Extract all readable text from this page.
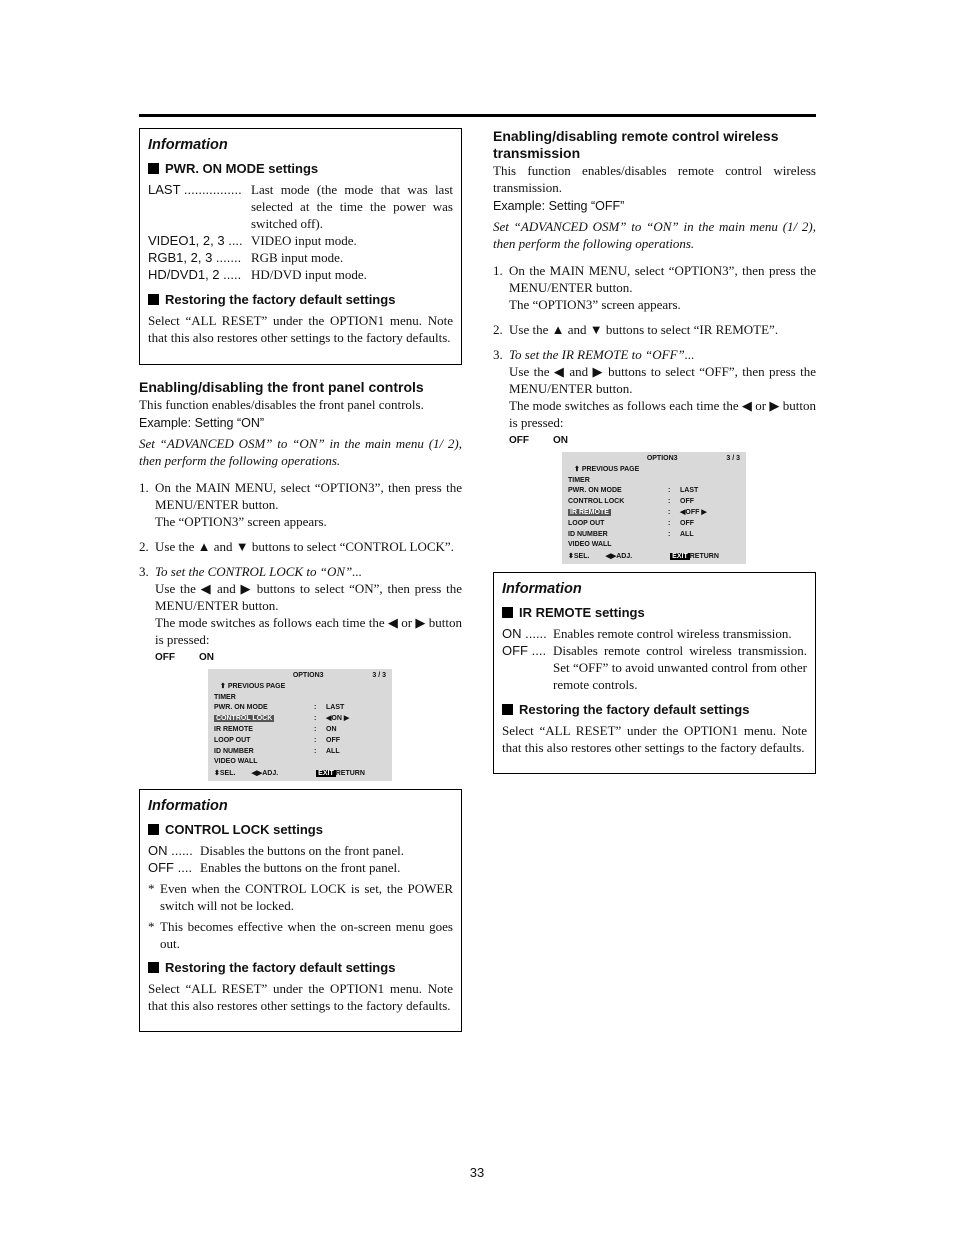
Information
PWR. ON MODE settings
LAST ................ Last mode (the mode that was last selected at the time the power was switched off).
VIDEO1, 2, 3 .... VIDEO input mode.
RGB1, 2, 3 ....... RGB input mode.
HD/DVD1, 2 ..... HD/DVD input mode.
Restoring the factory default settings

Select “ALL RESET” under the OPTION1 menu. Note that this also restores other settings to the factory defaults.

Enabling/disabling the front panel controls

This function enables/disables the front panel controls.

Example: Setting “ON”

Set “ADVANCED OSM” to “ON” in the main menu (1/ 2), then perform the following operations.

1. On the MAIN MENU, select “OPTION3”, then press the MENU/ENTER button.
The “OPTION3” screen appears.
2. Use the ▲ and ▼ buttons to select “CONTROL LOCK”.
3. To set the CONTROL LOCK to “ON”...
Use the ◀ and ▶ buttons to select “ON”, then press the MENU/ENTER button.
The mode switches as follows each time the ◀ or ▶ button is pressed:
OFF ON
OPTION3	3 / 3
⬆ PREVIOUS PAGE
TIMER
PWR. ON MODE	:	LAST
CONTROL LOCK	:	◀ON ▶
IR REMOTE	:	ON
LOOP OUT	:	OFF
ID NUMBER	:	ALL
VIDEO WALL
⬍SEL. ◀▶ADJ.	EXIT RETURN
Information
CONTROL LOCK settings
ON ...... Disables the buttons on the front panel.
OFF .... Enables the buttons on the front panel.
* Even when the CONTROL LOCK is set, the POWER switch will not be locked.
* This becomes effective when the on-screen menu goes out.
Restoring the factory default settings

Select “ALL RESET” under the OPTION1 menu. Note that this also restores other settings to the factory defaults.

Enabling/disabling remote control wireless transmission

This function enables/disables remote control wireless transmission.

Example: Setting “OFF”

Set “ADVANCED OSM” to “ON” in the main menu (1/ 2), then perform the following operations.

1. On the MAIN MENU, select “OPTION3”, then press the MENU/ENTER button.
The “OPTION3” screen appears.
2. Use the ▲ and ▼ buttons to select “IR REMOTE”.
3. To set the IR REMOTE to “OFF”...
Use the ◀ and ▶ buttons to select “OFF”, then press the MENU/ENTER button.
The mode switches as follows each time the ◀ or ▶ button is pressed:
OFF ON
OPTION3	3 / 3
⬆ PREVIOUS PAGE
TIMER
PWR. ON MODE	:	LAST
CONTROL LOCK	:	OFF
IR REMOTE	:	◀OFF ▶
LOOP OUT	:	OFF
ID NUMBER	:	ALL
VIDEO WALL
⬍SEL. ◀▶ADJ.	EXIT RETURN
Information
IR REMOTE settings
ON ...... Enables remote control wireless transmission.
OFF .... Disables remote control wireless transmission. Set “OFF” to avoid unwanted control from other remote controls.
Restoring the factory default settings

Select “ALL RESET” under the OPTION1 menu. Note that this also restores other settings to the factory defaults.

33
